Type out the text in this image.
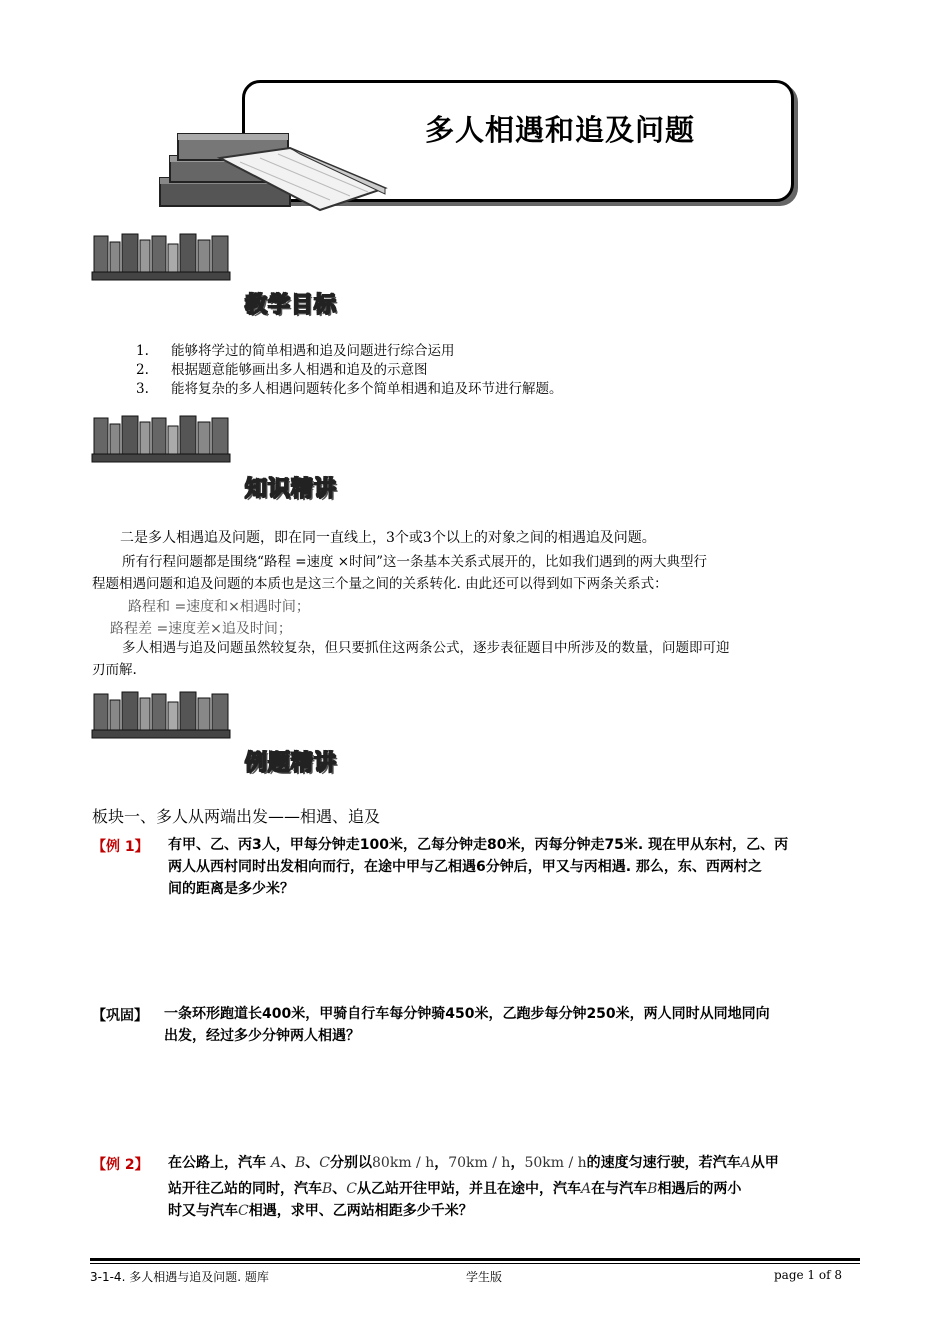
多人相遇和追及问题
教学目标
1.	能够将学过的简单相遇和追及问题进行综合运用
2.	根据题意能够画出多人相遇和追及的示意图
3.	能将复杂的多人相遇问题转化多个简单相遇和追及环节进行解题。
知识精讲
二是多人相遇追及问题，即在同一直线上，3个或3个以上的对象之间的相遇追及问题。
所有行程问题都是围绕“路程 =速度 ×时间”这一条基本关系式展开的，比如我们遇到的两大典型行
程题相遇问题和追及问题的本质也是这三个量之间的关系转化. 由此还可以得到如下两条关系式：
路程和 =速度和×相遇时间；
路程差 =速度差×追及时间；
多人相遇与追及问题虽然较复杂，但只要抓住这两条公式，逐步表征题目中所涉及的数量，问题即可迎
刃而解.
例题精讲
板块一、多人从两端出发——相遇、追及
【例 1】 有甲、乙、丙3人，甲每分钟走100米，乙每分钟走80米，丙每分钟走75米. 现在甲从东村，乙、丙
两人从西村同时出发相向而行，在途中甲与乙相遇6分钟后，甲又与丙相遇. 那么，东、西两村之
间的距离是多少米？
【巩固】 一条环形跑道长400米，甲骑自行车每分钟骑450米，乙跑步每分钟250米，两人同时从同地同向
出发，经过多少分钟两人相遇？
【例 2】 在公路上，汽车 A、B、C分别以80km / h，70km / h，50km / h的速度匀速行驶，若汽车A从甲
站开往乙站的同时，汽车B、C从乙站开往甲站，并且在途中，汽车A在与汽车B相遇后的两小
时又与汽车C相遇，求甲、乙两站相距多少千米？
3-1-4. 多人相遇与追及问题. 题库	学生版	page 1 of 8
